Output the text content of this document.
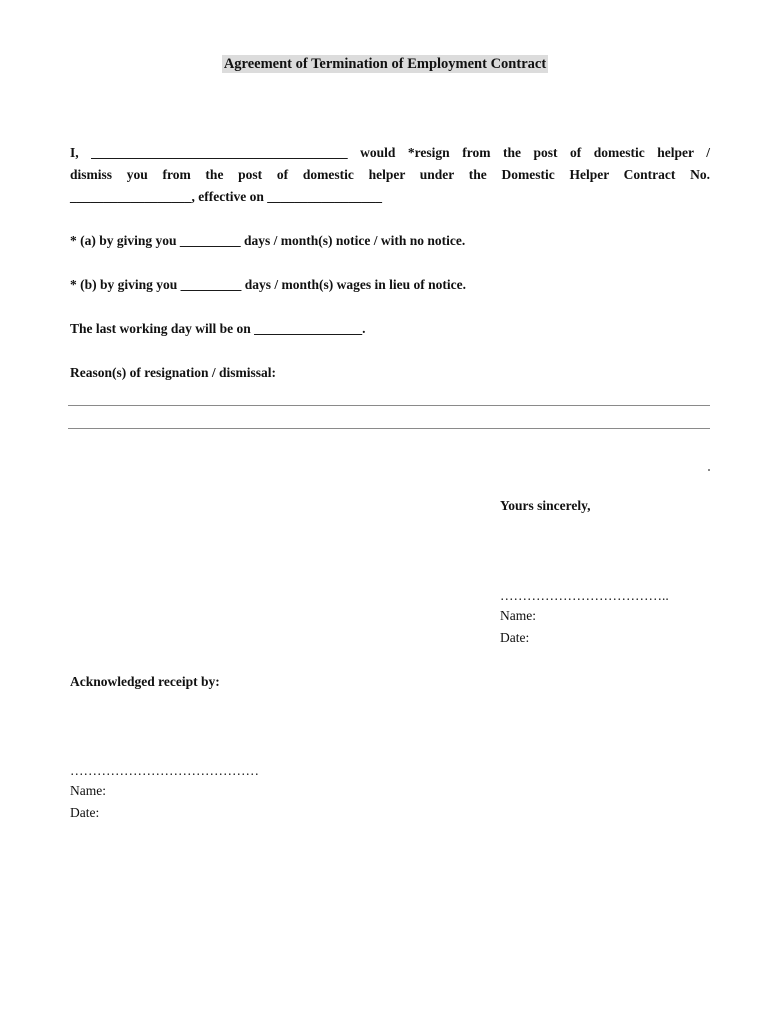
Agreement of Termination of Employment Contract
I, ______________________________________ would *resign from the post of domestic helper /
dismiss you from the post of domestic helper under the Domestic Helper Contract No.
__________________, effective on _________________
* (a) by giving you _________ days / month(s) notice / with no notice.
* (b) by giving you _________ days / month(s) wages in lieu of notice.
The last working day will be on ________________.
Reason(s) of resignation / dismissal:
Yours sincerely,
………………………………..
Name:
Date:
Acknowledged receipt by:
……………………………………
Name:
Date:
